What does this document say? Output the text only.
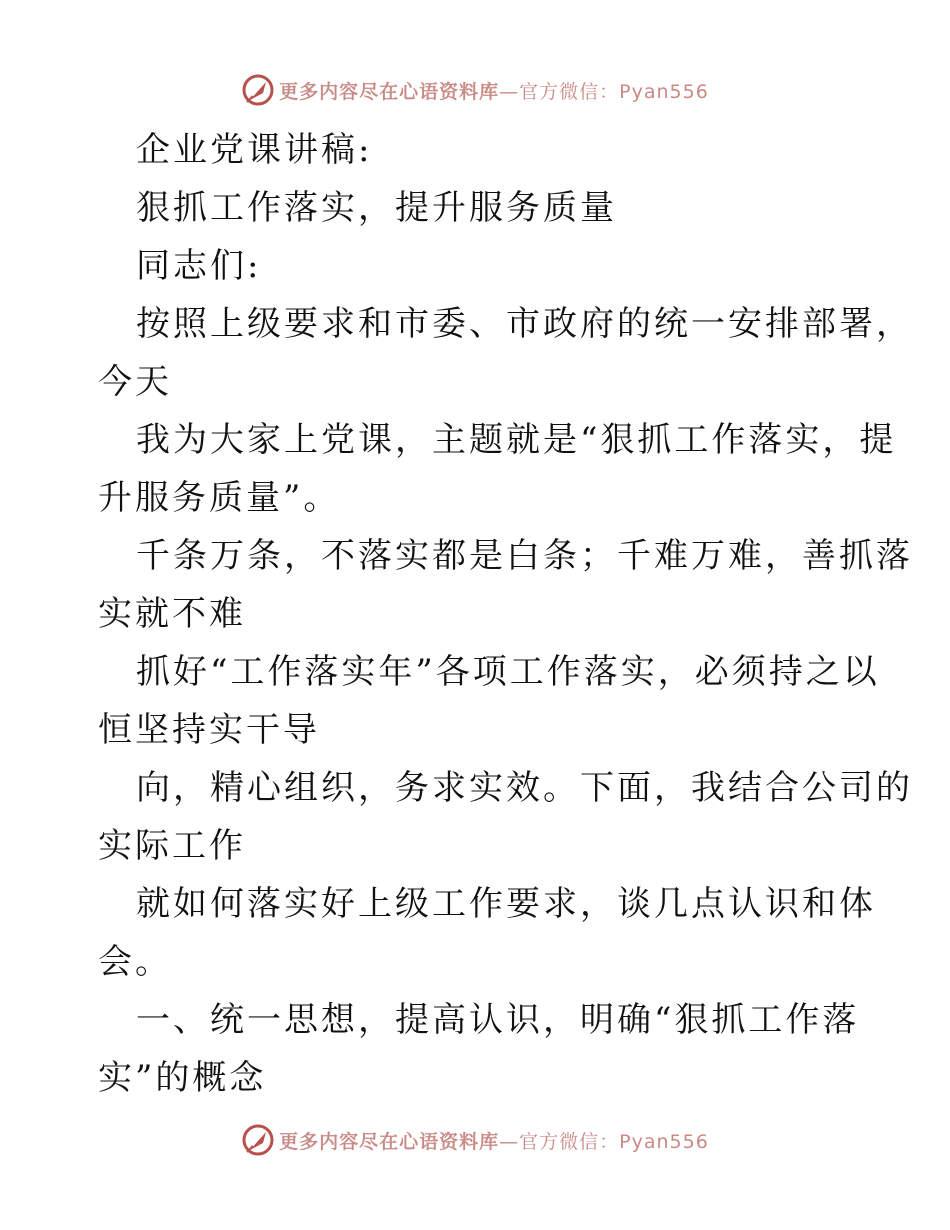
更多内容尽在心语资料库 —官方微信：Pyan556

企业党课讲稿:

狠抓工作落实，提升服务质量

同志们:

按照上级要求和市委、市政府的统一安排部署，

今天

我为大家上党课，主题就是“狠抓工作落实，提

升服务质量”。

千条万条，不落实都是白条；千难万难，善抓落

实就不难

抓好“工作落实年”各项工作落实，必须持之以

恒坚持实干导

向，精心组织，务求实效。下面，我结合公司的

实际工作

就如何落实好上级工作要求，谈几点认识和体

会。

一、统一思想，提高认识，明确“狠抓工作落

实”的概念

更多内容尽在心语资料库 —官方微信：Pyan556
